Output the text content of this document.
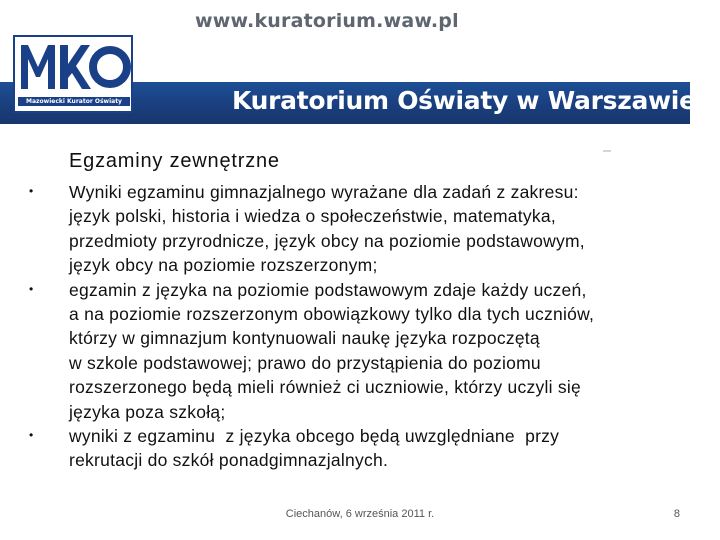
www.kuratorium.waw.pl
Kuratorium Oświaty w Warszawie
Mazowiecki Kurator Oświaty
Egzaminy zewnętrzne
• Wyniki egzaminu gimnazjalnego wyrażane dla zadań z zakresu:
język polski, historia i wiedza o społeczeństwie, matematyka,
przedmioty przyrodnicze, język obcy na poziomie podstawowym,
język obcy na poziomie rozszerzonym;
• egzamin z języka na poziomie podstawowym zdaje każdy uczeń,
a na poziomie rozszerzonym obowiązkowy tylko dla tych uczniów,
którzy w gimnazjum kontynuowali naukę języka rozpoczętą
w szkole podstawowej; prawo do przystąpienia do poziomu
rozszerzonego będą mieli również ci uczniowie, którzy uczyli się
języka poza szkołą;
• wyniki z egzaminu  z języka obcego będą uwzględniane  przy
rekrutacji do szkół ponadgimnazjalnych.
Ciechanów, 6 września 2011 r.	8
